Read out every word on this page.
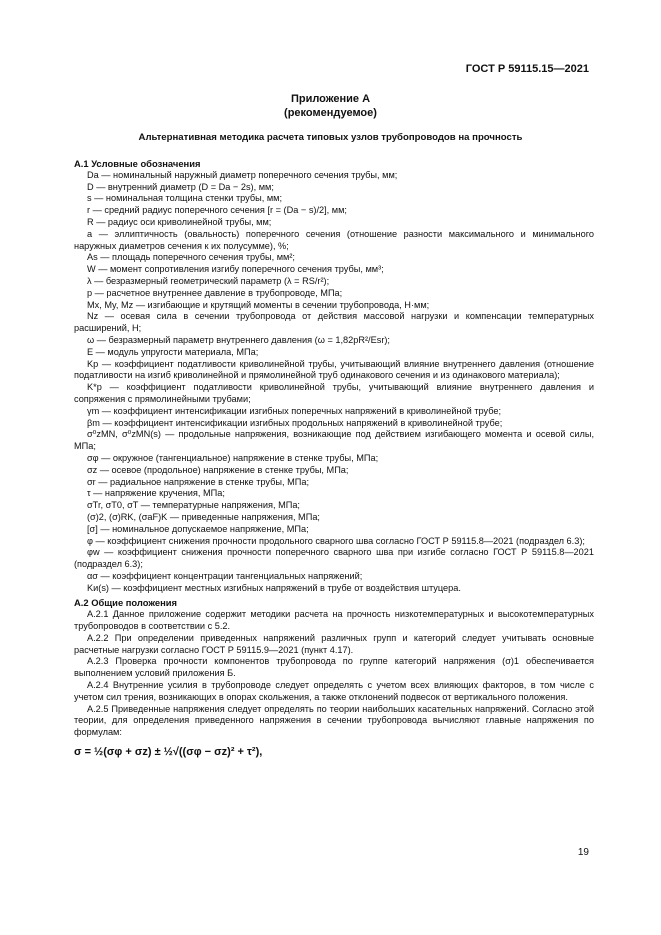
ГОСТ Р 59115.15—2021
Приложение А
(рекомендуемое)
Альтернативная методика расчета типовых узлов трубопроводов на прочность

А.1 Условные обозначения

Dа — номинальный наружный диаметр поперечного сечения трубы, мм;

D — внутренний диаметр (D = Dа − 2s), мм;

s — номинальная толщина стенки трубы, мм;

r — средний радиус поперечного сечения [r = (Dа − s)/2], мм;

R — радиус оси криволинейной трубы, мм;

a — эллиптичность (овальность) поперечного сечения (отношение разности максимального и минимального наружных диаметров сечения к их полусумме), %;

Аs — площадь поперечного сечения трубы, мм²;

W — момент сопротивления изгибу поперечного сечения трубы, мм³;

λ — безразмерный геометрический параметр (λ = RS/r²);

p — расчетное внутреннее давление в трубопроводе, МПа;

Mx, My, Mz — изгибающие и крутящий моменты в сечении трубопровода, Н·мм;

Nz — осевая сила в сечении трубопровода от действия массовой нагрузки и компенсации температурных расширений, Н;

ω — безразмерный параметр внутреннего давления (ω = 1,82pR²/Esr);

E — модуль упругости материала, МПа;

Kр — коэффициент податливости криволинейной трубы, учитывающий влияние внутреннего давления (отношение податливости на изгиб криволинейной и прямолинейной труб одинакового сечения и из одинакового материала);

K*р — коэффициент податливости криволинейной трубы, учитывающий влияние внутреннего давления и сопряжения с прямолинейными трубами;

γm — коэффициент интенсификации изгибных поперечных напряжений в криволинейной трубе;

βm — коэффициент интенсификации изгибных продольных напряжений в криволинейной трубе;

σ⁰zMN, σ⁰zMN(s) — продольные напряжения, возникающие под действием изгибающего момента и осевой силы, МПа;

σφ — окружное (тангенциальное) напряжение в стенке трубы, МПа;

σz — осевое (продольное) напряжение в стенке трубы, МПа;

σr — радиальное напряжение в стенке трубы, МПа;

τ — напряжение кручения, МПа;

σTr, σT0, σT — температурные напряжения, МПа;

(σ)2, (σ)RK, (σaF)K — приведенные напряжения, МПа;

[σ] — номинальное допускаемое напряжение, МПа;

φ — коэффициент снижения прочности продольного сварного шва согласно ГОСТ Р 59115.8—2021 (подраздел 6.3);

φw — коэффициент снижения прочности поперечного сварного шва при изгибе согласно ГОСТ Р 59115.8—2021 (подраздел 6.3);

ασ — коэффициент концентрации тангенциальных напряжений;

Kи(s) — коэффициент местных изгибных напряжений в трубе от воздействия штуцера.

А.2 Общие положения

А.2.1 Данное приложение содержит методики расчета на прочность низкотемпературных и высокотемпературных трубопроводов в соответствии с 5.2.

А.2.2 При определении приведенных напряжений различных групп и категорий следует учитывать основные расчетные нагрузки согласно ГОСТ Р 59115.9—2021 (пункт 4.17).

А.2.3 Проверка прочности компонентов трубопровода по группе категорий напряжения (σ)1 обеспечивается выполнением условий приложения Б.

А.2.4 Внутренние усилия в трубопроводе следует определять с учетом всех влияющих факторов, в том числе с учетом сил трения, возникающих в опорах скольжения, а также отклонений подвесок от вертикального положения.

А.2.5 Приведенные напряжения следует определять по теории наибольших касательных напряжений. Согласно этой теории, для определения приведенного напряжения в сечении трубопровода вычисляют главные напряжения по формулам:

σ = ½(σφ + σz) ± ½√((σφ − σz)² + τ²),

19
